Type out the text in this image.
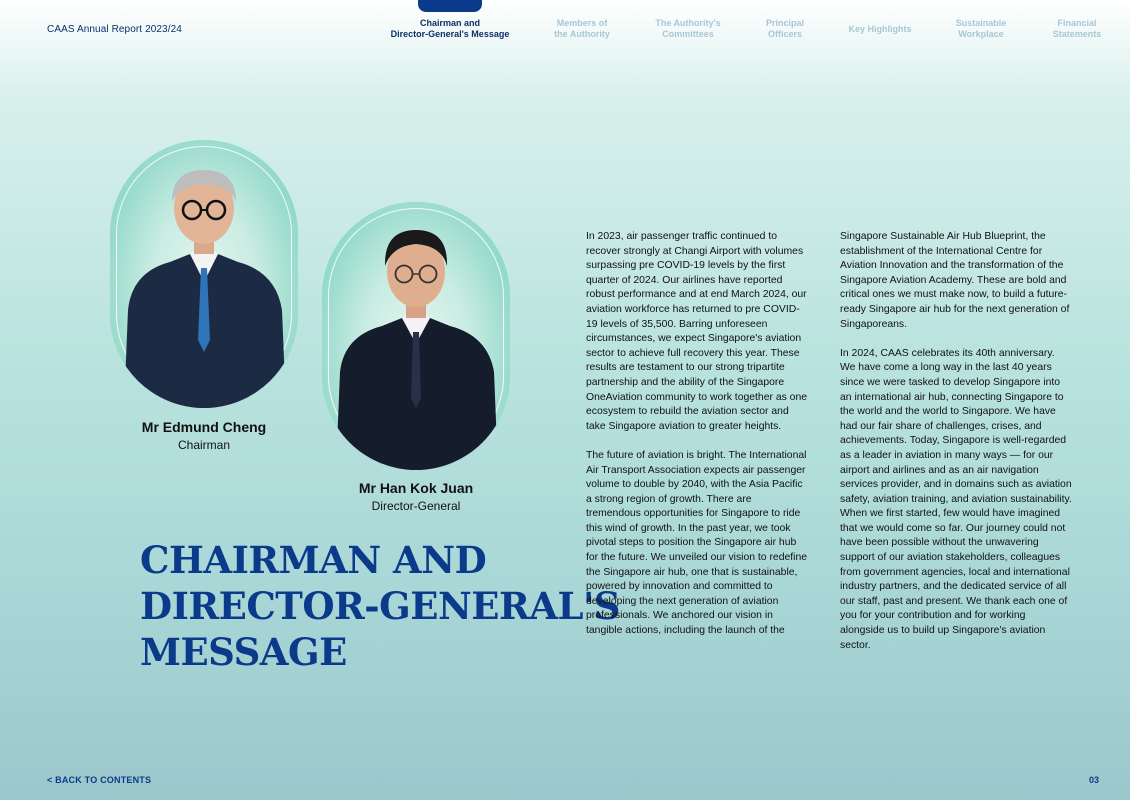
CAAS Annual Report 2023/24
Chairman and
Director-General's Message
Members of
the Authority
The Authority's
Committees
Principal
Officers	Key Highlights
Sustainable
Workplace
Financial
Statements
Mr Edmund Cheng
Chairman
Mr Han Kok Juan
Director-General
CHAIRMAN AND
DIRECTOR-GENERAL'S
MESSAGE

In 2023, air passenger traffic continued to recover strongly at Changi Airport with volumes surpassing pre COVID-19 levels by the first quarter of 2024. Our airlines have reported robust performance and at end March 2024, our aviation workforce has returned to pre COVID-19 levels of 35,500. Barring unforeseen circumstances, we expect Singapore's aviation sector to achieve full recovery this year. These results are testament to our strong tripartite partnership and the ability of the Singapore OneAviation community to work together as one ecosystem to rebuild the aviation sector and take Singapore aviation to greater heights.

The future of aviation is bright. The International Air Transport Association expects air passenger volume to double by 2040, with the Asia Pacific a strong region of growth. There are tremendous opportunities for Singapore to ride this wind of growth. In the past year, we took pivotal steps to position the Singapore air hub for the future. We unveiled our vision to redefine the Singapore air hub, one that is sustainable, powered by innovation and committed to developing the next generation of aviation professionals. We anchored our vision in tangible actions, including the launch of the

Singapore Sustainable Air Hub Blueprint, the establishment of the International Centre for Aviation Innovation and the transformation of the Singapore Aviation Academy. These are bold and critical ones we must make now, to build a future-ready Singapore air hub for the next generation of Singaporeans.

In 2024, CAAS celebrates its 40th anniversary. We have come a long way in the last 40 years since we were tasked to develop Singapore into an international air hub, connecting Singapore to the world and the world to Singapore. We have had our fair share of challenges, crises, and achievements. Today, Singapore is well-regarded as a leader in aviation in many ways — for our airport and airlines and as an air navigation services provider, and in domains such as aviation safety, aviation training, and aviation sustainability. When we first started, few would have imagined that we would come so far. Our journey could not have been possible without the unwavering support of our aviation stakeholders, colleagues from government agencies, local and international industry partners, and the dedicated service of all our staff, past and present. We thank each one of you for your contribution and for working alongside us to build up Singapore's aviation sector.

< BACK TO CONTENTS	03
